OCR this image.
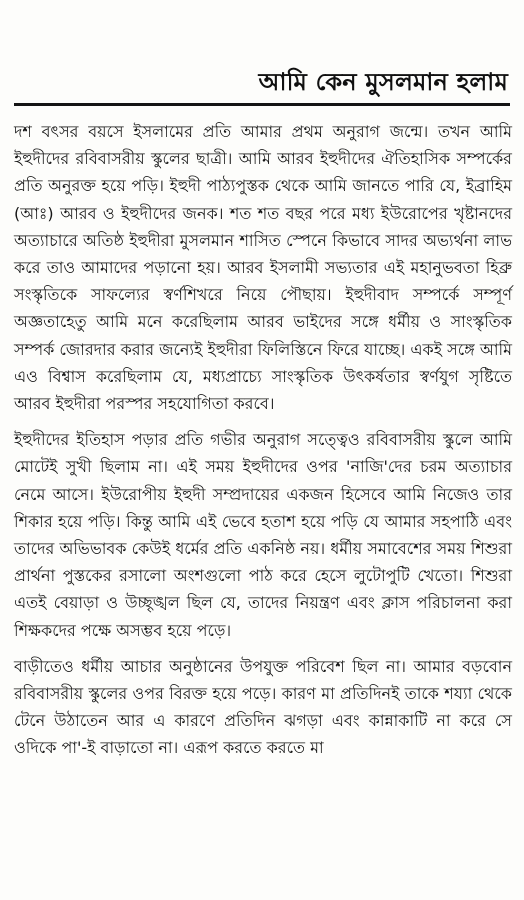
আমি কেন মুসলমান হলাম

দশ বৎসর বয়সে ইসলামের প্রতি আমার প্রথম অনুরাগ জন্মে। তখন আমি ইহুদীদের রবিবাসরীয় স্কুলের ছাত্রী। আমি আরব ইহুদীদের ঐতিহাসিক সম্পর্কের প্রতি অনুরক্ত হয়ে পড়ি। ইহুদী পাঠ্যপুস্তক থেকে আমি জানতে পারি যে, ইব্রাহিম (আঃ) আরব ও ইহুদীদের জনক। শত শত বছর পরে মধ্য ইউরোপের খৃষ্টানদের অত্যাচারে অতিষ্ঠ ইহুদীরা মুসলমান শাসিত স্পেনে কিভাবে সাদর অভ্যর্থনা লাভ করে তাও আমাদের পড়ানো হয়। আরব ইসলামী সভ্যতার এই মহানুভবতা হিব্রু সংস্কৃতিকে সাফল্যের স্বর্ণশিখরে নিয়ে পৌছায়। ইহুদীবাদ সম্পর্কে সম্পূর্ণ অজ্ঞতাহেতু আমি মনে করেছিলাম আরব ভাইদের সঙ্গে ধর্মীয় ও সাংস্কৃতিক সম্পর্ক জোরদার করার জন্যেই ইহুদীরা ফিলিস্তিনে ফিরে যাচ্ছে। একই সঙ্গে আমি এও বিশ্বাস করেছিলাম যে, মধ্যপ্রাচ্যে সাংস্কৃতিক উৎকর্ষতার স্বর্ণযুগ সৃষ্টিতে আরব ইহুদীরা পরস্পর সহযোগিতা করবে।

ইহুদীদের ইতিহাস পড়ার প্রতি গভীর অনুরাগ সত্ত্বেও রবিবাসরীয় স্কুলে আমি মোটেই সুখী ছিলাম না। এই সময় ইহুদীদের ওপর 'নাজি'দের চরম অত্যাচার নেমে আসে। ইউরোপীয় ইহুদী সম্প্রদায়ের একজন হিসেবে আমি নিজেও তার শিকার হয়ে পড়ি। কিন্তু আমি এই ভেবে হতাশ হয়ে পড়ি যে আমার সহপাঠি এবং তাদের অভিভাবক কেউই ধর্মের প্রতি একনিষ্ঠ নয়। ধর্মীয় সমাবেশের সময় শিশুরা প্রার্থনা পুস্তকের রসালো অংশগুলো পাঠ করে হেসে লুটোপুটি খেতো। শিশুরা এতই বেয়াড়া ও উচ্ছৃঙ্খল ছিল যে, তাদের নিয়ন্ত্রণ এবং ক্লাস পরিচালনা করা শিক্ষকদের পক্ষে অসম্ভব হয়ে পড়ে।

বাড়ীতেও ধর্মীয় আচার অনুষ্ঠানের উপযুক্ত পরিবেশ ছিল না। আমার বড়বোন রবিবাসরীয় স্কুলের ওপর বিরক্ত হয়ে পড়ে। কারণ মা প্রতিদিনই তাকে শয্যা থেকে টেনে উঠাতেন আর এ কারণে প্রতিদিন ঝগড়া এবং কান্নাকাটি না করে সে ওদিকে পা'-ই বাড়াতো না। এরূপ করতে করতে মা
